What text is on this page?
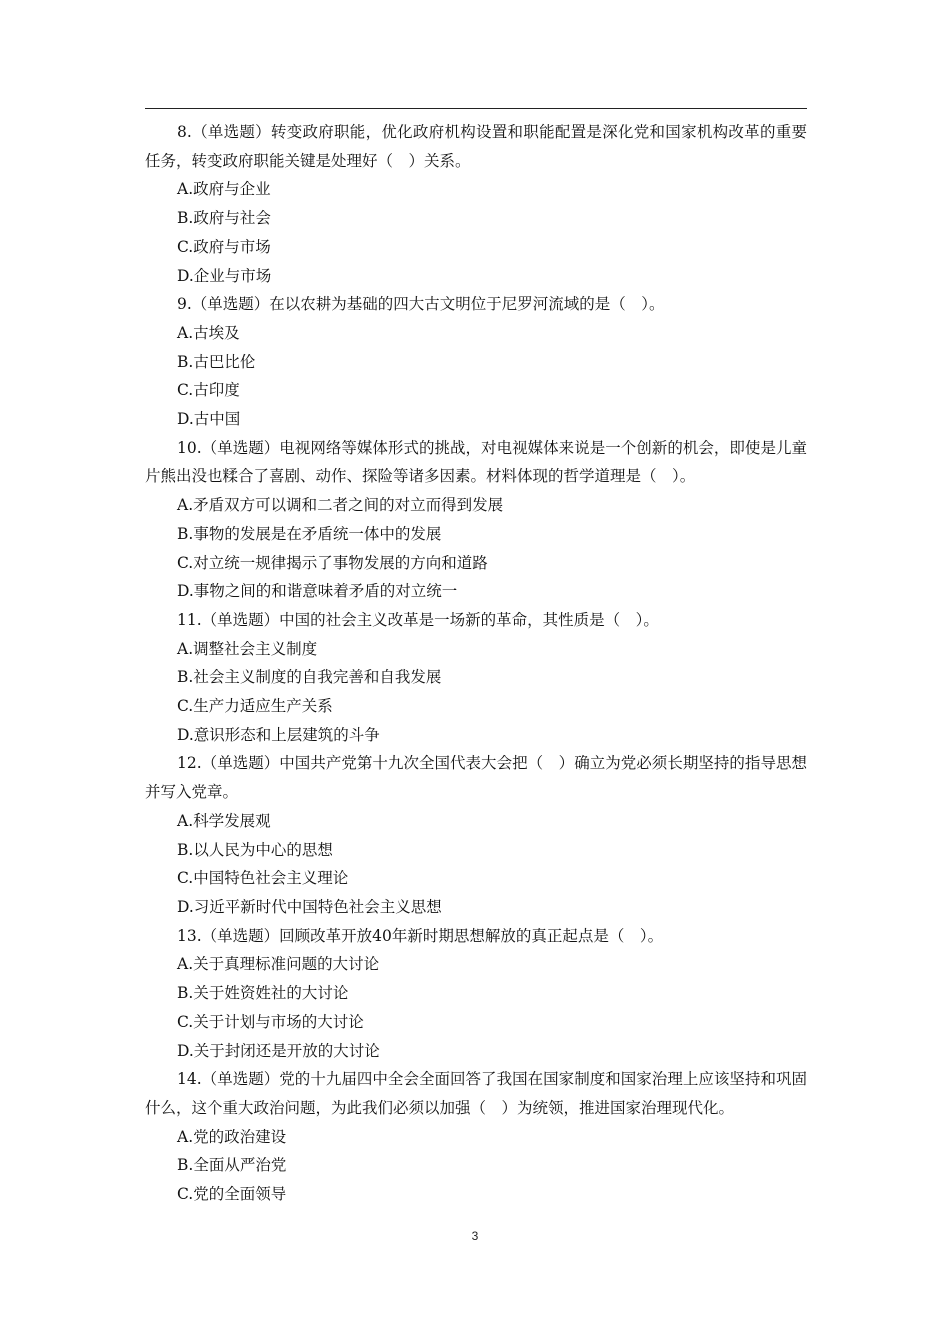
8.（单选题）转变政府职能，优化政府机构设置和职能配置是深化党和国家机构改革的重要任务，转变政府职能关键是处理好（　）关系。

A.政府与企业

B.政府与社会

C.政府与市场

D.企业与市场

9.（单选题）在以农耕为基础的四大古文明位于尼罗河流域的是（　）。

A.古埃及

B.古巴比伦

C.古印度

D.古中国

10.（单选题）电视网络等媒体形式的挑战，对电视媒体来说是一个创新的机会，即使是儿童片熊出没也糅合了喜剧、动作、探险等诸多因素。材料体现的哲学道理是（　）。

A.矛盾双方可以调和二者之间的对立而得到发展

B.事物的发展是在矛盾统一体中的发展

C.对立统一规律揭示了事物发展的方向和道路

D.事物之间的和谐意味着矛盾的对立统一

11.（单选题）中国的社会主义改革是一场新的革命，其性质是（　）。

A.调整社会主义制度

B.社会主义制度的自我完善和自我发展

C.生产力适应生产关系

D.意识形态和上层建筑的斗争

12.（单选题）中国共产党第十九次全国代表大会把（　）确立为党必须长期坚持的指导思想并写入党章。

A.科学发展观

B.以人民为中心的思想

C.中国特色社会主义理论

D.习近平新时代中国特色社会主义思想

13.（单选题）回顾改革开放40年新时期思想解放的真正起点是（　）。

A.关于真理标准问题的大讨论

B.关于姓资姓社的大讨论

C.关于计划与市场的大讨论

D.关于封闭还是开放的大讨论

14.（单选题）党的十九届四中全会全面回答了我国在国家制度和国家治理上应该坚持和巩固什么，这个重大政治问题，为此我们必须以加强（　）为统领，推进国家治理现代化。

A.党的政治建设

B.全面从严治党

C.党的全面领导

3
